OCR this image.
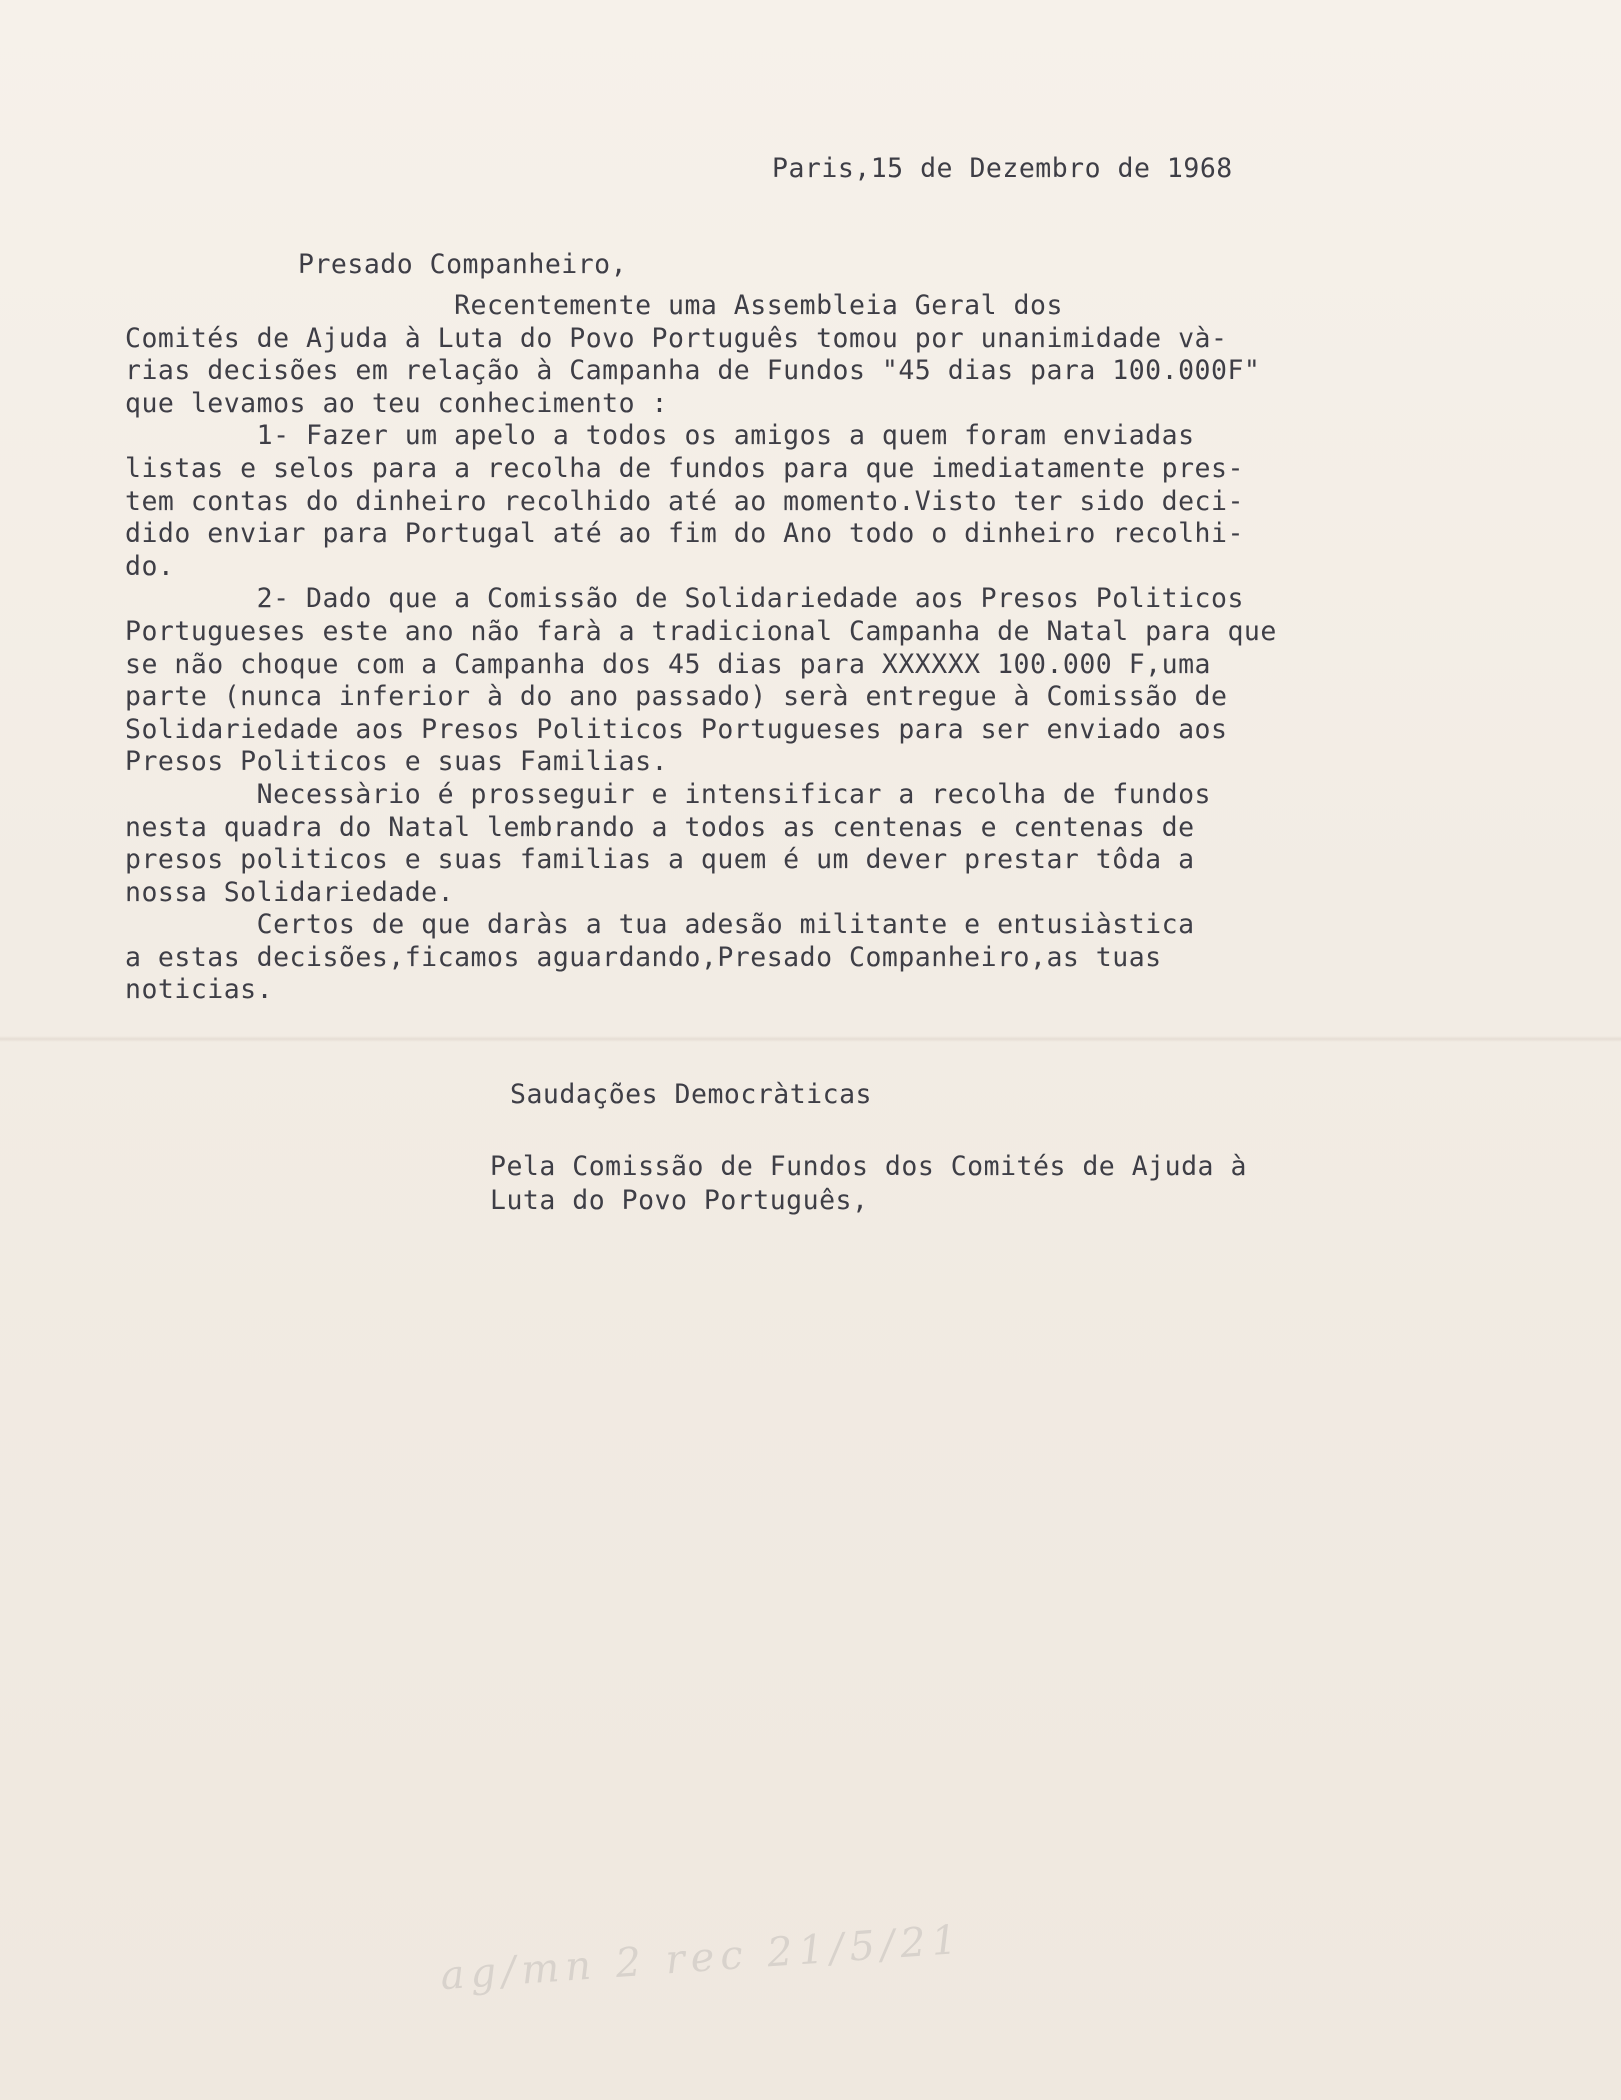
Paris,15 de Dezembro de 1968

Presado Companheiro,

Recentemente uma Assembleia Geral dos
Comités de Ajuda à Luta do Povo Português tomou por unanimidade và-
rias decisões em relação à Campanha de Fundos "45 dias para 100.000F"
que levamos ao teu conhecimento :
1- Fazer um apelo a todos os amigos a quem foram enviadas
listas e selos para a recolha de fundos para que imediatamente pres-
tem contas do dinheiro recolhido até ao momento.Visto ter sido deci-
dido enviar para Portugal até ao fim do Ano todo o dinheiro recolhi-
do.
2- Dado que a Comissão de Solidariedade aos Presos Politicos
Portugueses este ano não farà a tradicional Campanha de Natal para que
se não choque com a Campanha dos 45 dias para XXXXXX 100.000 F,uma
parte (nunca inferior à do ano passado) serà entregue à Comissão de
Solidariedade aos Presos Politicos Portugueses para ser enviado aos
Presos Politicos e suas Familias.
Necessàrio é prosseguir e intensificar a recolha de fundos
nesta quadra do Natal lembrando a todos as centenas e centenas de
presos politicos e suas familias a quem é um dever prestar tôda a
nossa Solidariedade.
Certos de que daràs a tua adesão militante e entusiàstica
a estas decisões,ficamos aguardando,Presado Companheiro,as tuas
noticias.

Saudações Democràticas

Pela Comissão de Fundos dos Comités de Ajuda à

Luta do Povo Português,

ag/mn 2 rec 21/5/21
